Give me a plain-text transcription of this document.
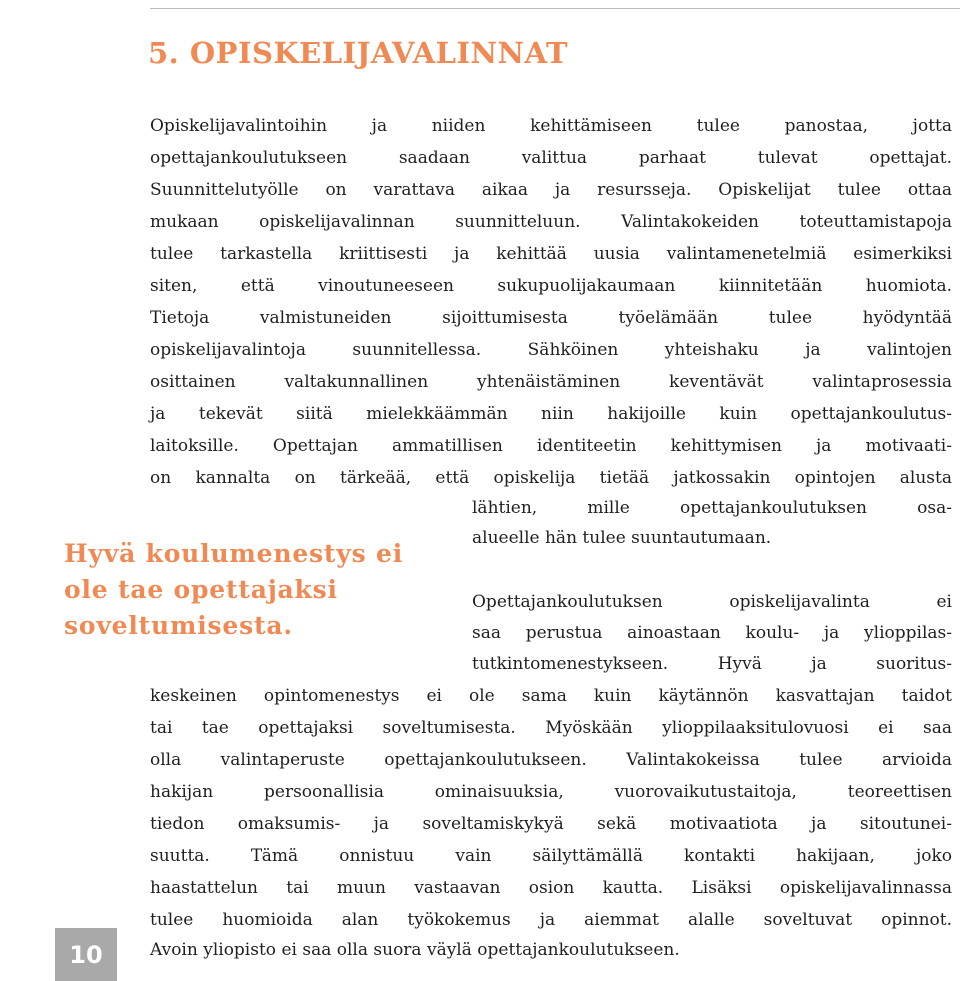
5. OPISKELIJAVALINNAT

Opiskelijavalintoihin ja niiden kehittämiseen tulee panostaa, jotta

opettajankoulutukseen saadaan valittua parhaat tulevat opettajat.

Suunnittelutyölle on varattava aikaa ja resursseja. Opiskelijat tulee ottaa

mukaan opiskelijavalinnan suunnitteluun. Valintakokeiden toteuttamistapoja

tulee tarkastella kriittisesti ja kehittää uusia valintamenetelmiä esimerkiksi

siten, että vinoutuneeseen sukupuolijakaumaan kiinnitetään huomiota.

Tietoja valmistuneiden sijoittumisesta työelämään tulee hyödyntää

opiskelijavalintoja suunnitellessa. Sähköinen yhteishaku ja valintojen

osittainen valtakunnallinen yhtenäistäminen keventävät valintaprosessia

ja tekevät siitä mielekkäämmän niin hakijoille kuin opettajankoulutus-

laitoksille. Opettajan ammatillisen identiteetin kehittymisen ja motivaati-

on kannalta on tärkeää, että opiskelija tietää jatkossakin opintojen alusta

lähtien, mille opettajankoulutuksen osa-

alueelle hän tulee suuntautumaan.

Opettajankoulutuksen opiskelijavalinta ei

saa perustua ainoastaan koulu- ja ylioppilas-

tutkintomenestykseen. Hyvä ja suoritus-

keskeinen opintomenestys ei ole sama kuin käytännön kasvattajan taidot

tai tae opettajaksi soveltumisesta. Myöskään ylioppilaaksitulovuosi ei saa

olla valintaperuste opettajankoulutukseen. Valintakokeissa tulee arvioida

hakijan persoonallisia ominaisuuksia, vuorovaikutustaitoja, teoreettisen

tiedon omaksumis- ja soveltamiskykyä sekä motivaatiota ja sitoutunei-

suutta. Tämä onnistuu vain säilyttämällä kontakti hakijaan, joko

haastattelun tai muun vastaavan osion kautta. Lisäksi opiskelijavalinnassa

tulee huomioida alan työkokemus ja aiemmat alalle soveltuvat opinnot.

Avoin yliopisto ei saa olla suora väylä opettajankoulutukseen.

Hyvä koulumenestys ei
ole tae opettajaksi
soveltumisesta.
10
